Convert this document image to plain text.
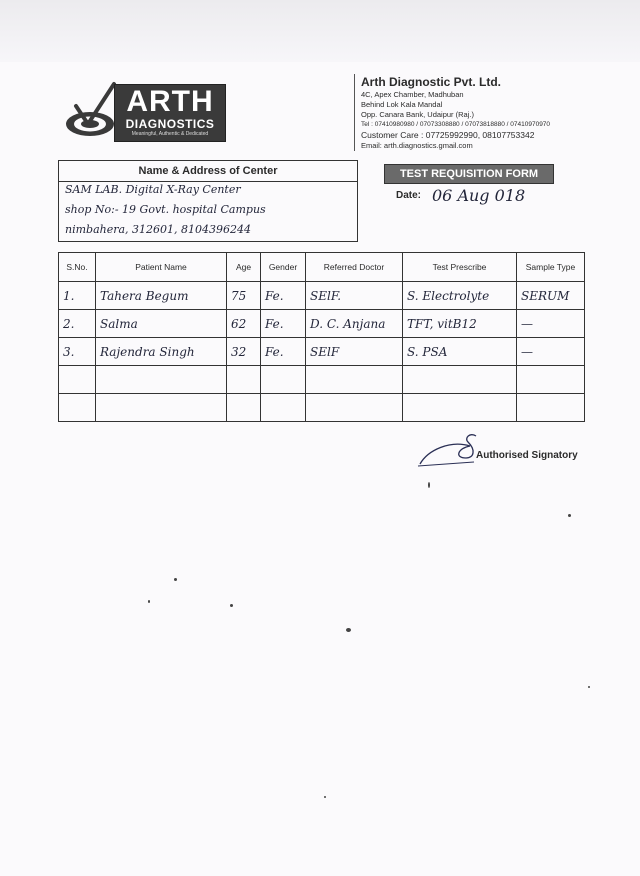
ARTH
DIAGNOSTICS
Meaningful, Authentic & Dedicated
Arth Diagnostic Pvt. Ltd.
4C, Apex Chamber, Madhuban
Behind Lok Kala Mandal
Opp. Canara Bank, Udaipur (Raj.)
Tel : 07410980980 / 07073308880 / 07073818880 / 07410970970
Customer Care : 07725992990, 08107753342
Email: arth.diagnostics.gmail.com
Name & Address of Center
SAM LAB. Digital X-Ray Center
shop No:- 19 Govt. hospital Campus
nimbahera, 312601, 8104396244
TEST REQUISITION FORM
Date: 06 Aug 018
S.No.	Patient Name	Age	Gender	Referred Doctor	Test Prescribe	Sample Type
1.	Tahera Begum	75	Fe.	SElF.	S. Electrolyte	SERUM
2.	Salma	62	Fe.	D. C. Anjana	TFT, vitB12	—
3.	Rajendra Singh	32	Fe.	SElF	S. PSA	—

Authorised Signatory
